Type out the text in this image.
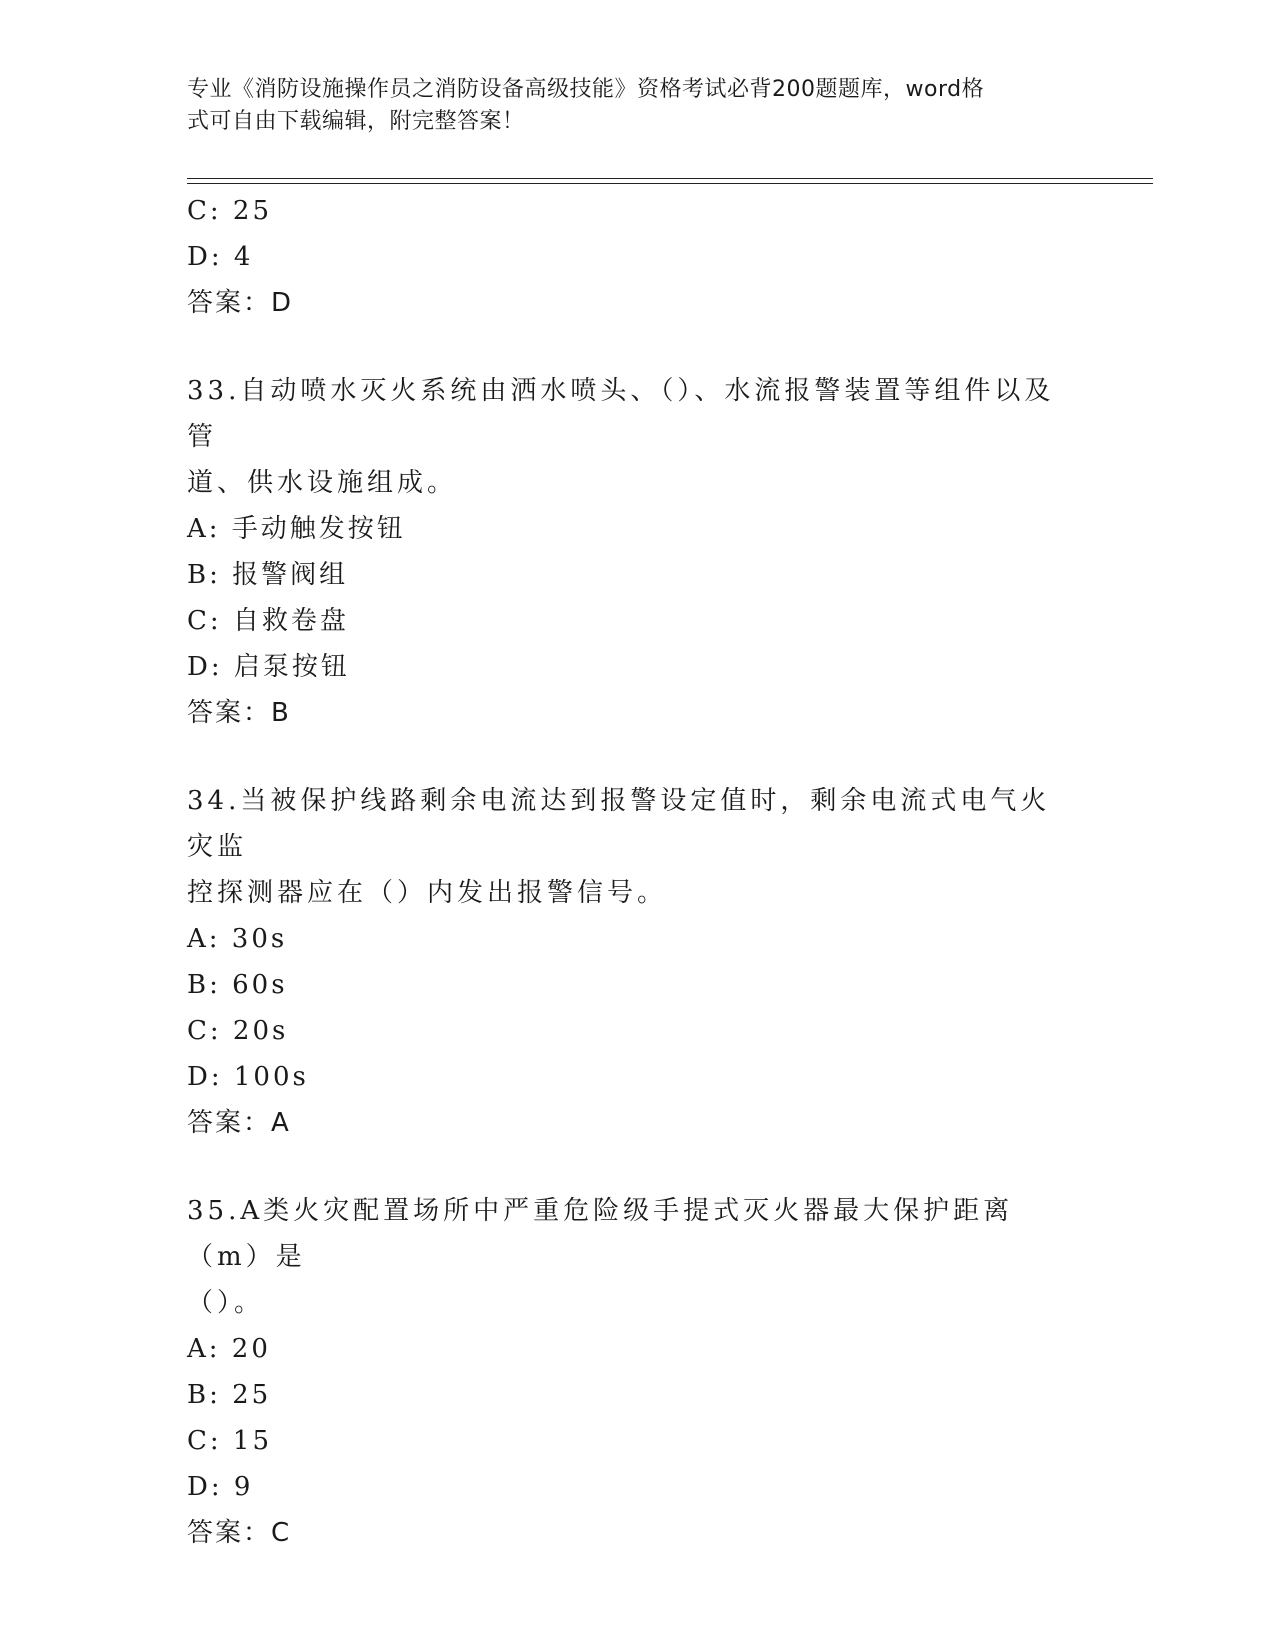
专业《消防设施操作员之消防设备高级技能》资格考试必背200题题库，word格
式可自由下载编辑，附完整答案！
C: 25
D: 4
答案：D
33.自动喷水灭火系统由洒水喷头、（）、水流报警装置等组件以及管
道、供水设施组成。
A: 手动触发按钮
B: 报警阀组
C: 自救卷盘
D: 启泵按钮
答案：B
34.当被保护线路剩余电流达到报警设定值时，剩余电流式电气火灾监
控探测器应在（）内发出报警信号。
A: 30s
B: 60s
C: 20s
D: 100s
答案：A
35.A类火灾配置场所中严重危险级手提式灭火器最大保护距离（m）是
（）。
A: 20
B: 25
C: 15
D: 9
答案：C
